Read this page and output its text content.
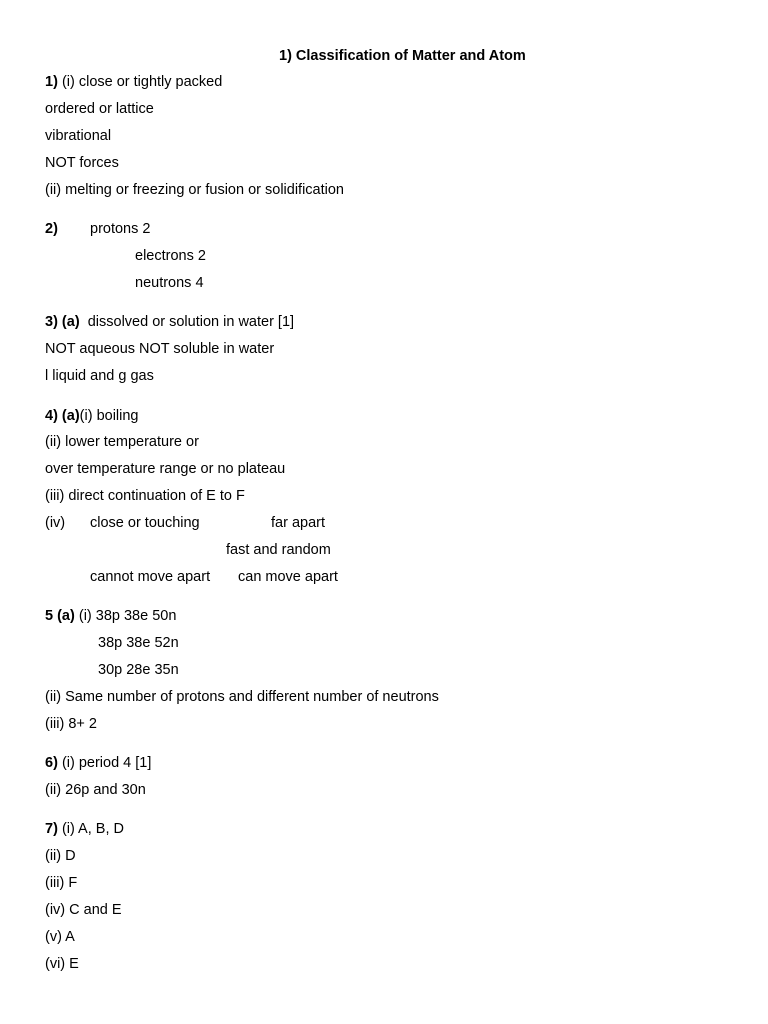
1) Classification of Matter and Atom
1) (i) close or tightly packed
ordered or lattice
vibrational
NOT forces
(ii) melting or freezing or fusion or solidification
2) protons 2
electrons 2
neutrons 4
3) (a) dissolved or solution in water [1]
NOT aqueous NOT soluble in water
l liquid and g gas
4) (a)(i) boiling
(ii) lower temperature or
over temperature range or no plateau
(iii) direct continuation of E to F
(iv) close or touching	far apart
fast and random
cannot move apart can move apart
5 (a) (i) 38p 38e 50n
38p 38e 52n
30p 28e 35n
(ii) Same number of protons and different number of neutrons
(iii) 8+ 2
6) (i) period 4 [1]
(ii) 26p and 30n
7) (i) A, B, D
(ii) D
(iii) F
(iv) C and E
(v) A
(vi) E
